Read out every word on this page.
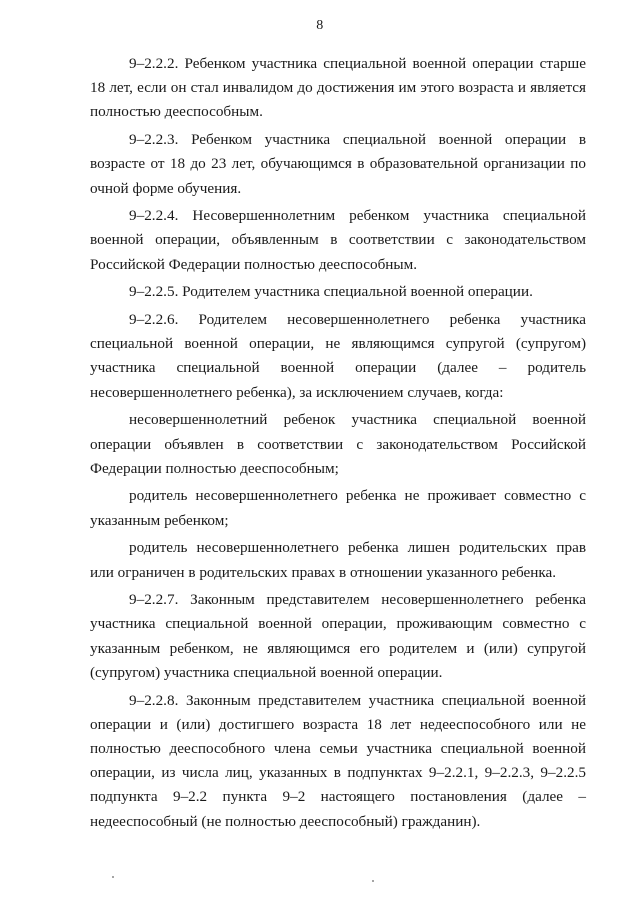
8

9–2.2.2. Ребенком участника специальной военной операции старше 18 лет, если он стал инвалидом до достижения им этого возраста и является полностью дееспособным.

9–2.2.3. Ребенком участника специальной военной операции в возрасте от 18 до 23 лет, обучающимся в образовательной организации по очной форме обучения.

9–2.2.4. Несовершеннолетним ребенком участника специальной военной операции, объявленным в соответствии с законодательством Российской Федерации полностью дееспособным.

9–2.2.5. Родителем участника специальной военной операции.

9–2.2.6. Родителем несовершеннолетнего ребенка участника специальной военной операции, не являющимся супругой (супругом) участника специальной военной операции (далее – родитель несовершеннолетнего ребенка), за исключением случаев, когда:

несовершеннолетний ребенок участника специальной военной операции объявлен в соответствии с законодательством Российской Федерации полностью дееспособным;

родитель несовершеннолетнего ребенка не проживает совместно с указанным ребенком;

родитель несовершеннолетнего ребенка лишен родительских прав или ограничен в родительских правах в отношении указанного ребенка.

9–2.2.7. Законным представителем несовершеннолетнего ребенка участника специальной военной операции, проживающим совместно с указанным ребенком, не являющимся его родителем и (или) супругой (супругом) участника специальной военной операции.

9–2.2.8. Законным представителем участника специальной военной операции и (или) достигшего возраста 18 лет недееспособного или не полностью дееспособного члена семьи участника специальной военной операции, из числа лиц, указанных в подпунктах 9–2.2.1, 9–2.2.3, 9–2.2.5 подпункта 9–2.2 пункта 9–2 настоящего постановления (далее – недееспособный (не полностью дееспособный) гражданин).
